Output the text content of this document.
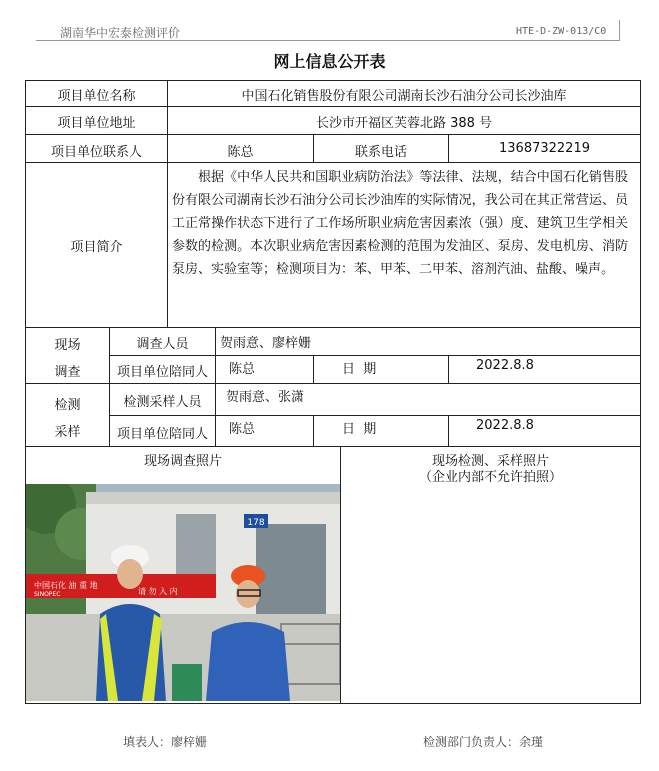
湖南华中宏泰检测评价	HTE-D-ZW-013/C0
网上信息公开表
项目单位名称	中国石化销售股份有限公司湖南长沙石油分公司长沙油库
项目单位地址	长沙市开福区芙蓉北路 388 号
项目单位联系人	陈总	联系电话	13687322219
项目简介

根据《中华人民共和国职业病防治法》等法律、法规，结合中国石化销售股份有限公司湖南长沙石油分公司长沙油库的实际情况，我公司在其正常营运、员工正常操作状态下进行了工作场所职业病危害因素浓（强）度、建筑卫生学相关参数的检测。本次职业病危害因素检测的范围为发油区、泵房、发电机房、消防泵房、实验室等；检测项目为：苯、甲苯、二甲苯、溶剂汽油、盐酸、噪声。

现场
调查
调查人员	贺雨意、廖梓姗
项目单位陪同人	陈总	日  期	2022.8.8
检测
采样
检测采样人员	贺雨意、张潇
项目单位陪同人	陈总	日  期	2022.8.8
现场调查照片	现场检测、采样照片
（企业内部不允许拍照）
178
中国石化 油 重 地
SINOPEC	请 勿 入 内
填表人：廖梓姗	检测部门负责人：余瑾
